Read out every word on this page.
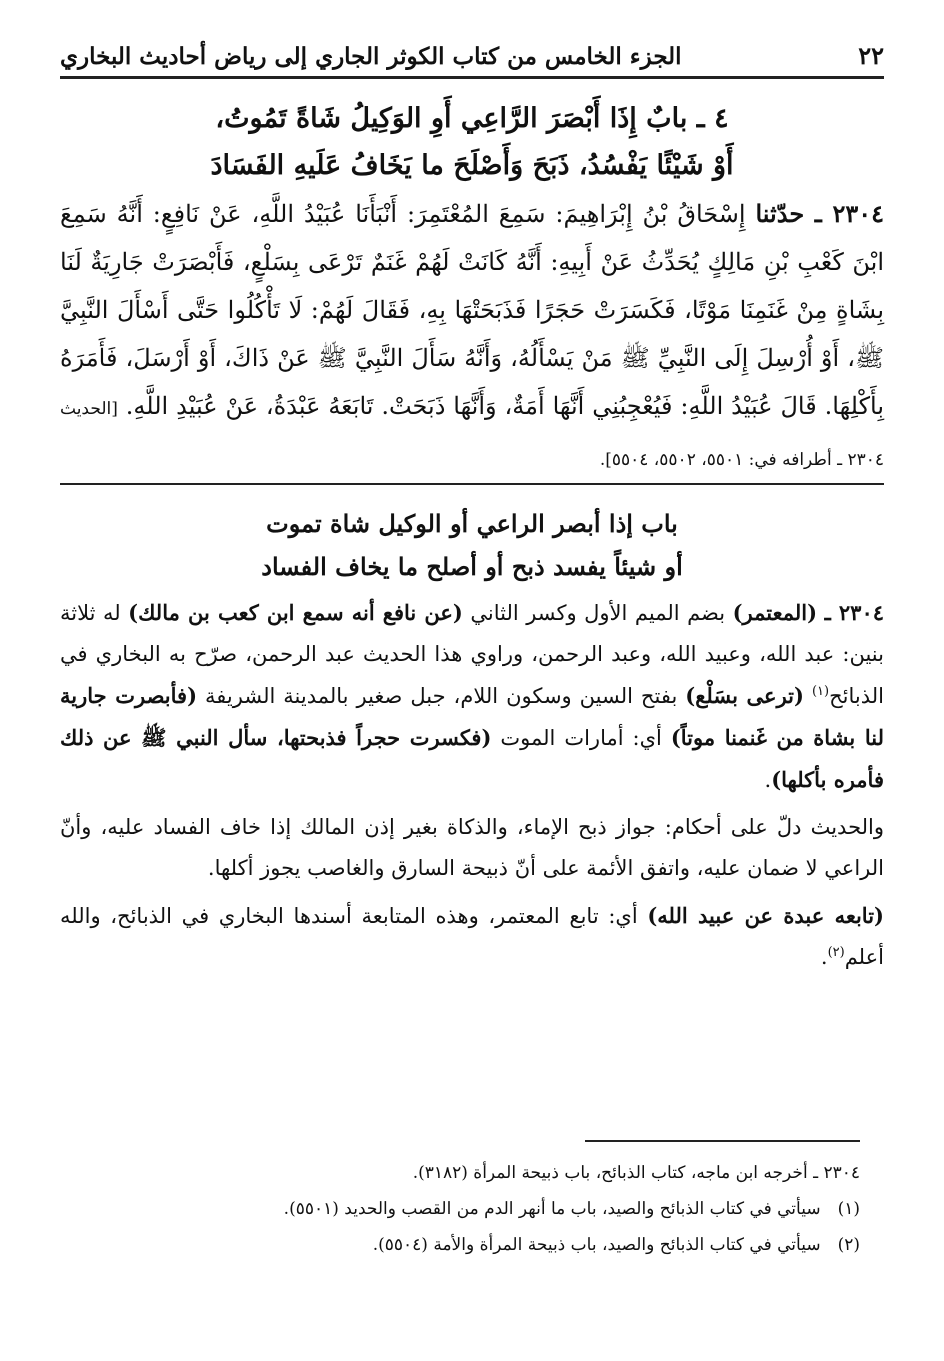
٢٢
الجزء الخامس من كتاب الكوثر الجاري إلى رياض أحاديث البخاري
٤ ـ بابٌ إِذَا أَبْصَرَ الرَّاعِي أَوِ الوَكِيلُ شَاةً تَمُوتُ،
أَوْ شَيْئًا يَفْسُدُ، ذَبَحَ وَأَصْلَحَ ما يَخَافُ عَلَيهِ الفَسَادَ
٢٣٠٤ ـ حدّثنا إِسْحَاقُ بْنُ إِبْرَاهِيمَ: سَمِعَ المُعْتَمِرَ: أَنْبَأَنَا عُبَيْدُ اللَّهِ، عَنْ نَافِعٍ: أَنَّهُ سَمِعَ ابْنَ كَعْبِ بْنِ مَالِكٍ يُحَدِّثُ عَنْ أَبِيهِ: أَنَّهُ كَانَتْ لَهُمْ غَنَمٌ تَرْعَى بِسَلْعٍ، فَأَبْصَرَتْ جَارِيَةٌ لَنَا بِشَاةٍ مِنْ غَنَمِنَا مَوْتًا، فَكَسَرَتْ حَجَرًا فَذَبَحَتْهَا بِهِ، فَقَالَ لَهُمْ: لَا تَأْكُلُوا حَتَّى أَسْأَلَ النَّبِيَّ ﷺ، أَوْ أُرْسِلَ إِلَى النَّبِيِّ ﷺ مَنْ يَسْأَلُهُ، وَأَنَّهُ سَأَلَ النَّبِيَّ ﷺ عَنْ ذَاكَ، أَوْ أَرْسَلَ، فَأَمَرَهُ بِأَكْلِهَا. قَالَ عُبَيْدُ اللَّهِ: فَيُعْجِبُنِي أَنَّهَا أَمَةٌ، وَأَنَّهَا ذَبَحَتْ. تَابَعَهُ عَبْدَةُ، عَنْ عُبَيْدِ اللَّهِ. [الحديث ٢٣٠٤ ـ أطرافه في: ٥٥٠١، ٥٥٠٢، ٥٥٠٤].
باب إذا أبصر الراعي أو الوكيل شاة تموت
أو شيئاً يفسد ذبح أو أصلح ما يخاف الفساد

٢٣٠٤ ـ (المعتمر) بضم الميم الأول وكسر الثاني (عن نافع أنه سمع ابن كعب بن مالك) له ثلاثة بنين: عبد الله، وعبيد الله، وعبد الرحمن، وراوي هذا الحديث عبد الرحمن، صرّح به البخاري في الذبائح$^{(١)}$ (ترعى بسَلْع) بفتح السين وسكون اللام، جبل صغير بالمدينة الشريفة (فأبصرت جارية لنا بشاة من غَنمنا موتاً) أي: أمارات الموت (فكسرت حجراً فذبحتها، سأل النبي ﷺ عن ذلك فأمره بأكلها).

والحديث دلّ على أحكام: جواز ذبح الإماء، والذكاة بغير إذن المالك إذا خاف الفساد عليه، وأنّ الراعي لا ضمان عليه، واتفق الأئمة على أنّ ذبيحة السارق والغاصب يجوز أكلها.

(تابعه عبدة عن عبيد الله) أي: تابع المعتمر، وهذه المتابعة أسندها البخاري في الذبائح، والله أعلم$^{(٢)}$.

٢٣٠٤ ـ أخرجه ابن ماجه، كتاب الذبائح، باب ذبيحة المرأة (٣١٨٢).
(١) سيأتي في كتاب الذبائح والصيد، باب ما أنهر الدم من القصب والحديد (٥٥٠١).
(٢) سيأتي في كتاب الذبائح والصيد، باب ذبيحة المرأة والأمة (٥٥٠٤).
